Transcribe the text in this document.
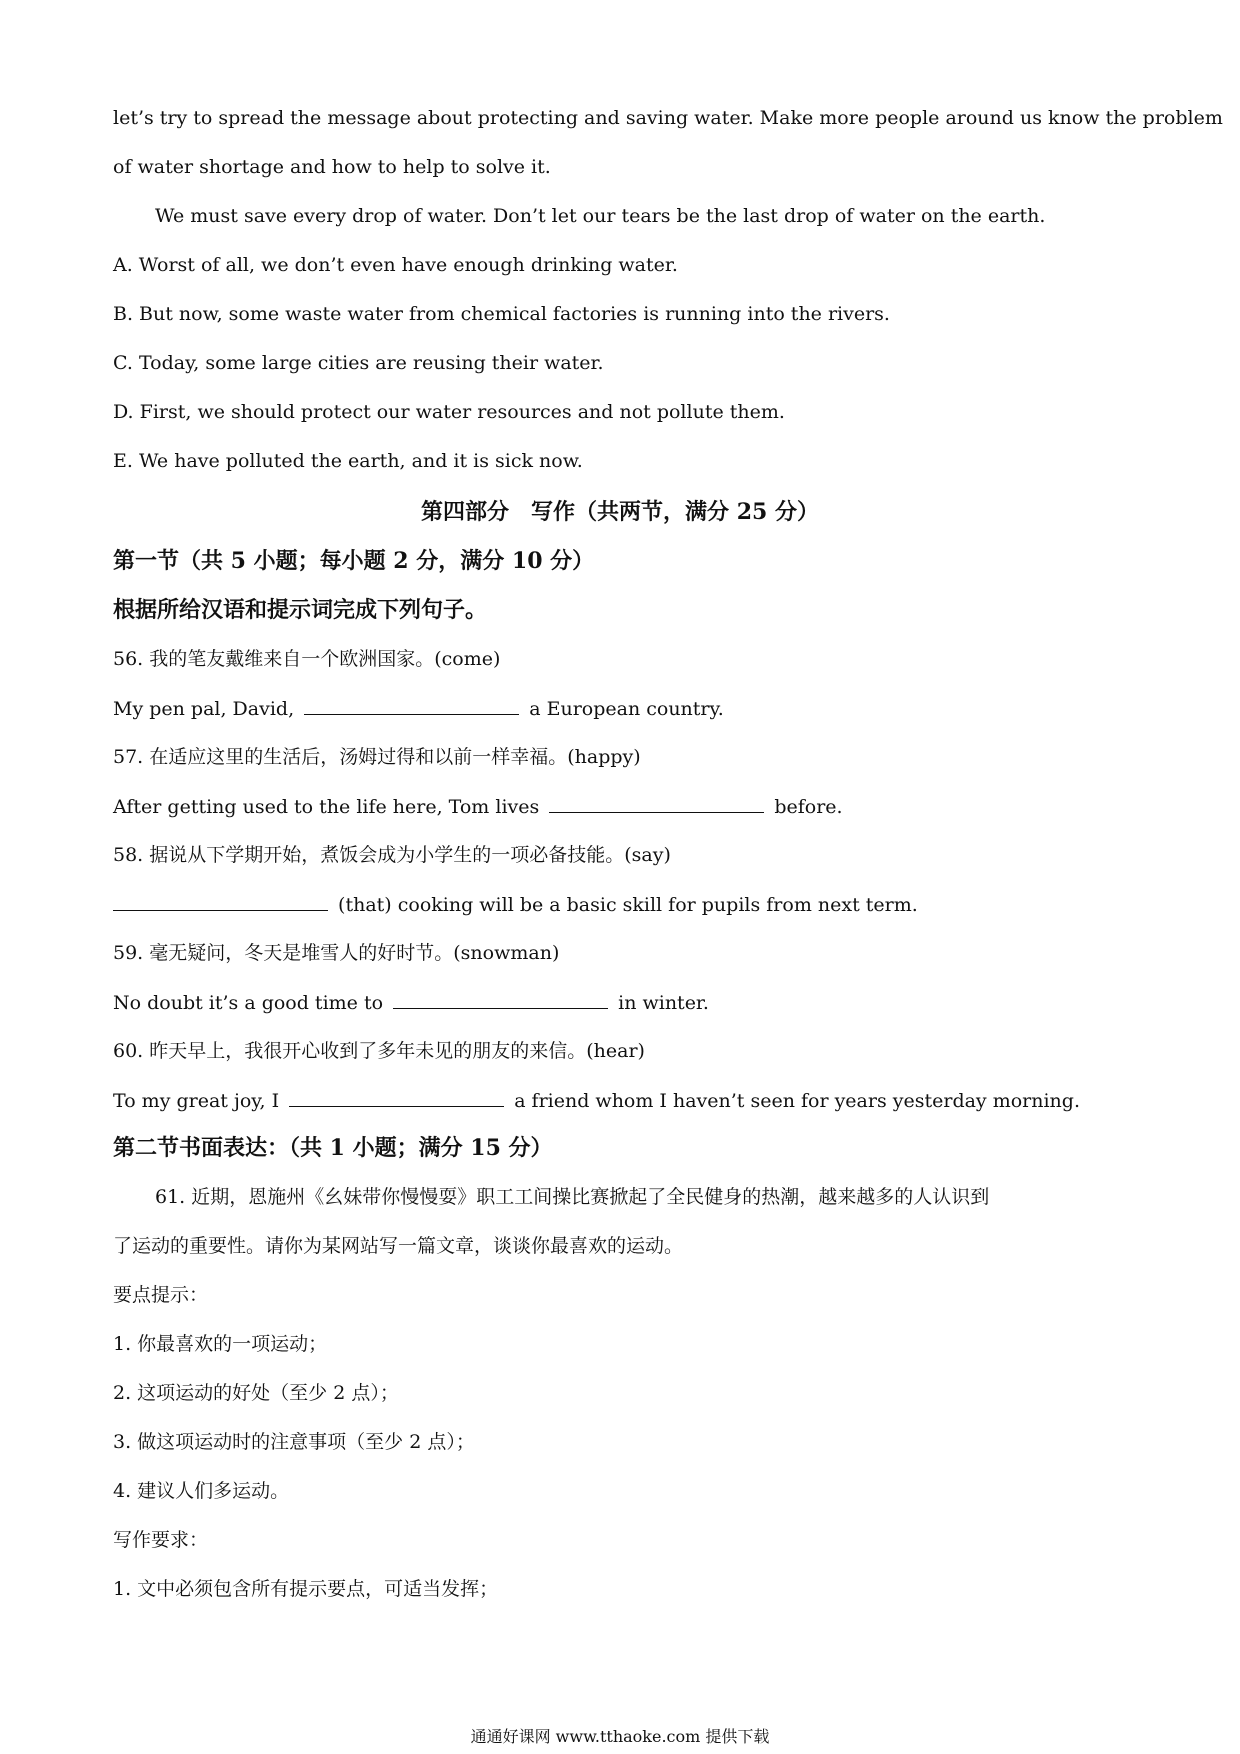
let’s try to spread the message about protecting and saving water. Make more people around us know the problem
of water shortage and how to help to solve it.
We must save every drop of water. Don’t let our tears be the last drop of water on the earth.
A. Worst of all, we don’t even have enough drinking water.
B. But now, some waste water from chemical factories is running into the rivers.
C. Today, some large cities are reusing their water.
D. First, we should protect our water resources and not pollute them.
E. We have polluted the earth, and it is sick now.
第四部分　写作（共两节，满分 25 分）
第一节（共 5 小题；每小题 2 分，满分 10 分）
根据所给汉语和提示词完成下列句子。
56. 我的笔友戴维来自一个欧洲国家。(come)
My pen pal, David,	a European country.
57. 在适应这里的生活后，汤姆过得和以前一样幸福。(happy)
After getting used to the life here, Tom lives	before.
58. 据说从下学期开始，煮饭会成为小学生的一项必备技能。(say)
(that) cooking will be a basic skill for pupils from next term.
59. 毫无疑问，冬天是堆雪人的好时节。(snowman)
No doubt it’s a good time to	in winter.
60. 昨天早上，我很开心收到了多年未见的朋友的来信。(hear)
To my great joy, I	a friend whom I haven’t seen for years yesterday morning.
第二节书面表达：（共 1 小题；满分 15 分）
61. 近期，恩施州《幺妹带你慢慢耍》职工工间操比赛掀起了全民健身的热潮，越来越多的人认识到
了运动的重要性。请你为某网站写一篇文章，谈谈你最喜欢的运动。
要点提示：
1. 你最喜欢的一项运动；
2. 这项运动的好处（至少 2 点）；
3. 做这项运动时的注意事项（至少 2 点）；
4. 建议人们多运动。
写作要求：
1. 文中必须包含所有提示要点，可适当发挥；
通通好课网 www.tthaoke.com 提供下载
